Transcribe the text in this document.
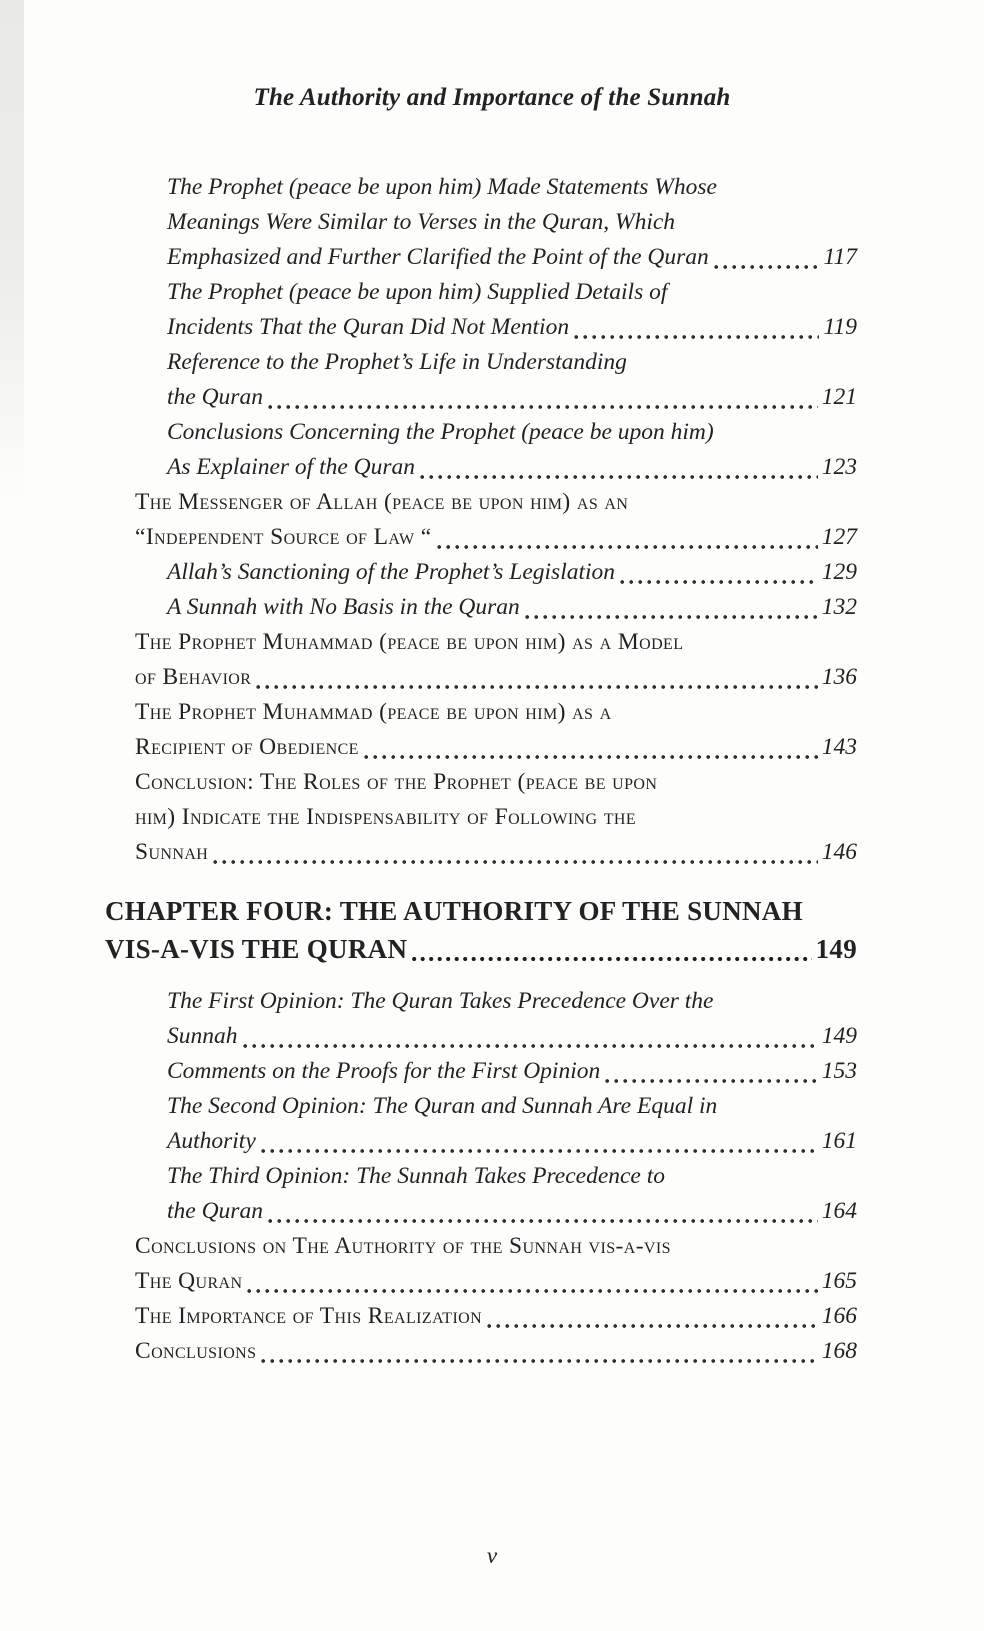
The Authority and Importance of the Sunnah
The Prophet (peace be upon him) Made Statements Whose
Meanings Were Similar to Verses in the Quran, Which
Emphasized and Further Clarified the Point of the Quran	117
The Prophet (peace be upon him) Supplied Details of
Incidents That the Quran Did Not Mention	119
Reference to the Prophet’s Life in Understanding
the Quran	121
Conclusions Concerning the Prophet (peace be upon him)
As Explainer of the Quran	123
The Messenger of Allah (peace be upon him) as an
“Independent Source of Law “	127
Allah’s Sanctioning of the Prophet’s Legislation	129
A Sunnah with No Basis in the Quran	132
The Prophet Muhammad (peace be upon him) as a Model
of Behavior	136
The Prophet Muhammad (peace be upon him) as a
Recipient of Obedience	143
Conclusion: The Roles of the Prophet (peace be upon
him) Indicate the Indispensability of Following the
Sunnah	146
CHAPTER FOUR: THE AUTHORITY OF THE SUNNAH
VIS-A-VIS THE QURAN	149
The First Opinion: The Quran Takes Precedence Over the
Sunnah	149
Comments on the Proofs for the First Opinion	153
The Second Opinion: The Quran and Sunnah Are Equal in
Authority	161
The Third Opinion: The Sunnah Takes Precedence to
the Quran	164
Conclusions on The Authority of the Sunnah vis-a-vis
The Quran	165
The Importance of This Realization	166
Conclusions	168
v
